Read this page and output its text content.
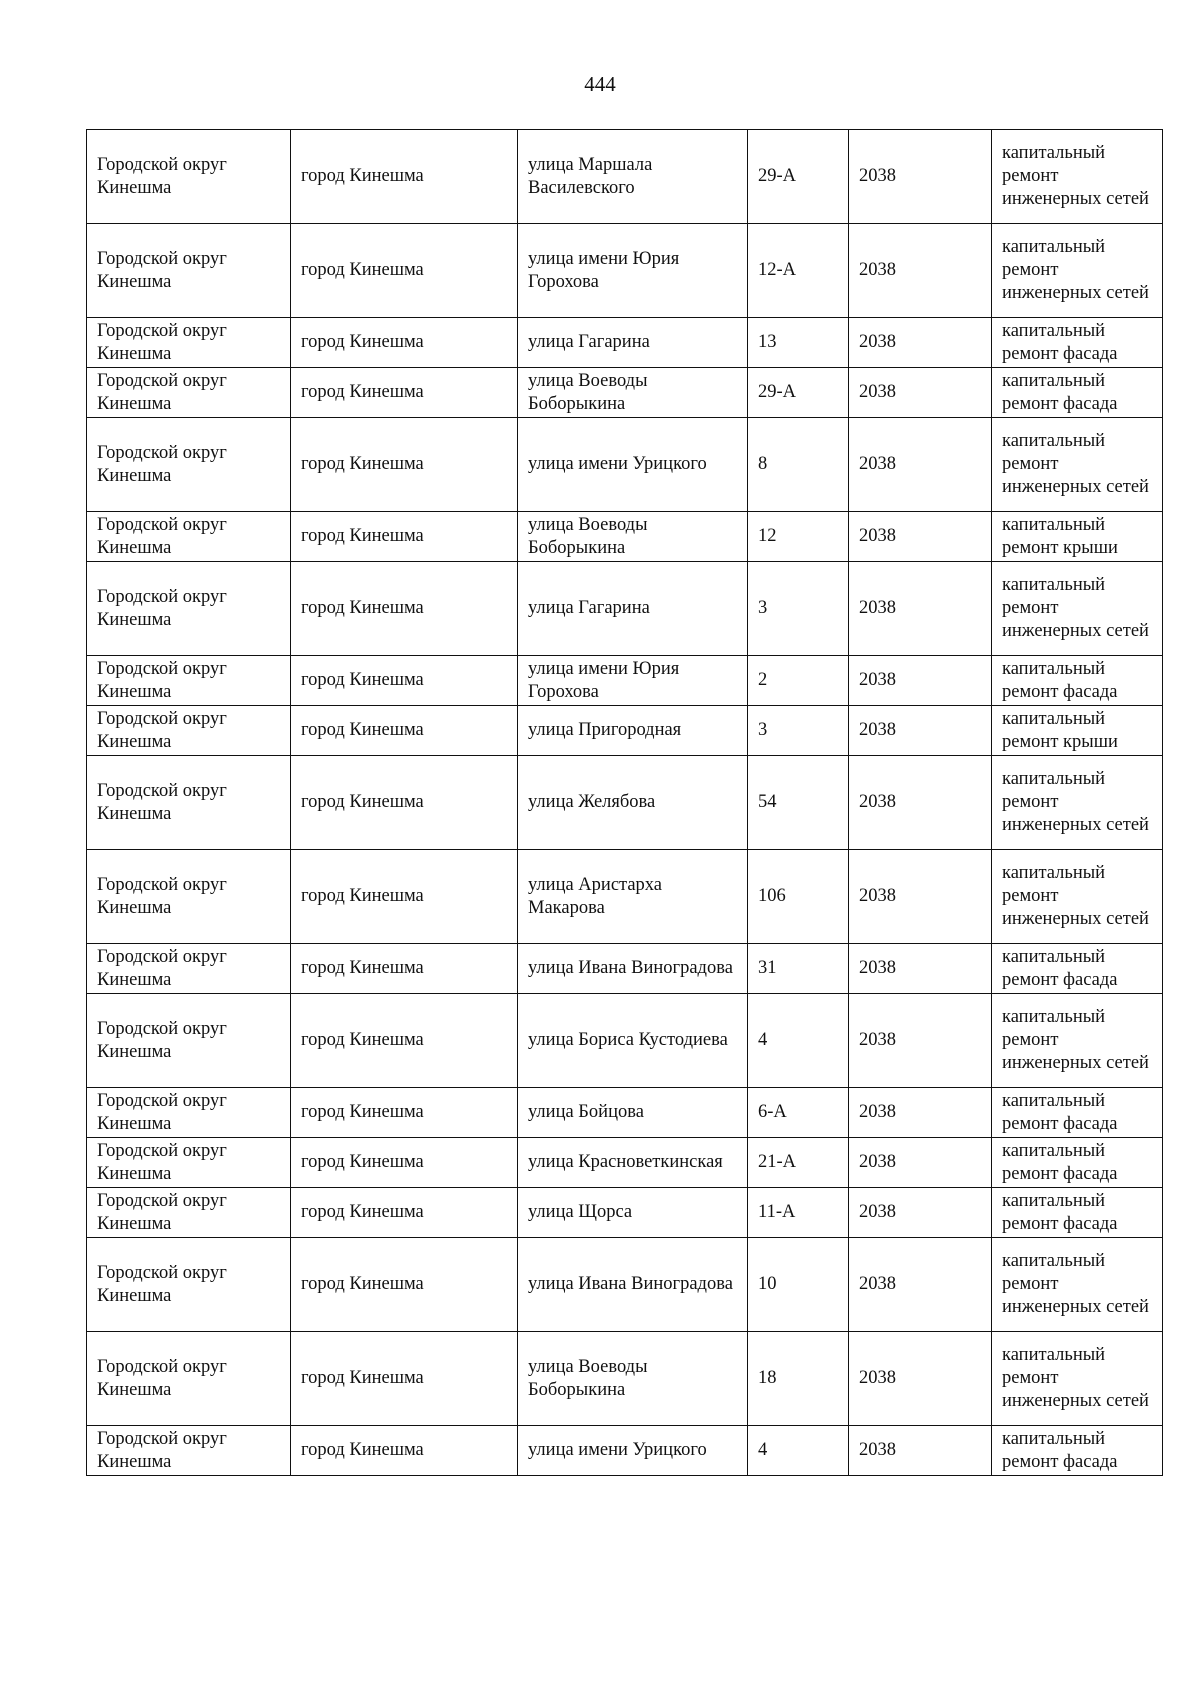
444
Городской округ Кинешма	город Кинешма	улица Маршала Василевского	29-А	2038	капитальный ремонт инженерных сетей
Городской округ Кинешма	город Кинешма	улица имени Юрия Горохова	12-А	2038	капитальный ремонт инженерных сетей
Городской округ Кинешма	город Кинешма	улица Гагарина	13	2038	капитальный ремонт фасада
Городской округ Кинешма	город Кинешма	улица Воеводы Боборыкина	29-А	2038	капитальный ремонт фасада
Городской округ Кинешма	город Кинешма	улица имени Урицкого	8	2038	капитальный ремонт инженерных сетей
Городской округ Кинешма	город Кинешма	улица Воеводы Боборыкина	12	2038	капитальный ремонт крыши
Городской округ Кинешма	город Кинешма	улица Гагарина	3	2038	капитальный ремонт инженерных сетей
Городской округ Кинешма	город Кинешма	улица имени Юрия Горохова	2	2038	капитальный ремонт фасада
Городской округ Кинешма	город Кинешма	улица Пригородная	3	2038	капитальный ремонт крыши
Городской округ Кинешма	город Кинешма	улица Желябова	54	2038	капитальный ремонт инженерных сетей
Городской округ Кинешма	город Кинешма	улица Аристарха Макарова	106	2038	капитальный ремонт инженерных сетей
Городской округ Кинешма	город Кинешма	улица Ивана Виноградова	31	2038	капитальный ремонт фасада
Городской округ Кинешма	город Кинешма	улица Бориса Кустодиева	4	2038	капитальный ремонт инженерных сетей
Городской округ Кинешма	город Кинешма	улица Бойцова	6-А	2038	капитальный ремонт фасада
Городской округ Кинешма	город Кинешма	улица Красноветкинская	21-А	2038	капитальный ремонт фасада
Городской округ Кинешма	город Кинешма	улица Щорса	11-А	2038	капитальный ремонт фасада
Городской округ Кинешма	город Кинешма	улица Ивана Виноградова	10	2038	капитальный ремонт инженерных сетей
Городской округ Кинешма	город Кинешма	улица Воеводы Боборыкина	18	2038	капитальный ремонт инженерных сетей
Городской округ Кинешма	город Кинешма	улица имени Урицкого	4	2038	капитальный ремонт фасада
